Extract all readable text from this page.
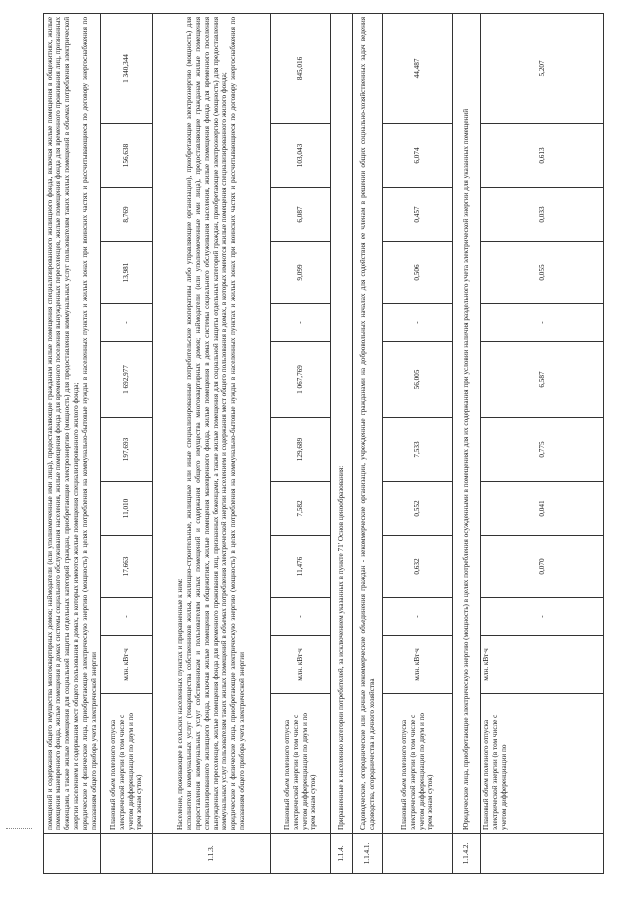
	помещений и содержания общего имущества многоквартирных домов; наймодатели (или уполномоченные ими лица), предоставляющие гражданам жилые помещения специализированного жилищного фонда, включая жилые помещения в общежитиях, жилые помещения маневренного фонда, жилые помещения в домах системы социального обслуживания населения, жилые помещения фонда для временного поселения вынужденных переселенцев, жилые помещения фонда для временного проживания лиц, признанных беженцами, а также жилые помещения для социальной защиты отдельных категорий граждан, приобретающие электроэнергию (мощность) для предоставления коммунальных услуг пользователям таких жилых помещений в объемах потребления электрической энергии населением и содержания мест общего пользования в домах, в которых имеются жилые помещения специализированного жилого фонда; юридические и физические лица, приобретающие электрическую энергию (мощность) в целях потребления на коммунально-бытовые нужды в населенных пунктах и жилых зонах при воинских частях и рассчитывающиеся по договору энергоснабжения по показаниям общего прибора учета электрической энергии											

	Плановый объем полезного отпуска электрической энергии (в том числе с учетом дифференциации по двум и по трем зонам суток)	млн. кВт∙ч	-	17,663	11,010	197,693	1 692,977	-	13,981	8,769	156,638	1 340,344
1.1.3.	Население, проживающее в сельских населенных пунктах и приравненные к ним: исполнители коммунальных услуг (товарищества собственников жилья, жилищно-строительные, жилищные или иные специализированные потребительские кооперативы либо управляющие организации), приобретающие электроэнергию (мощность) для предоставления коммунальных услуг собственникам и пользователям жилых помещений и содержания общего имущества многоквартирных домов; наймодатели (или уполномоченные ими лица), предоставляющие гражданам жилые помещения специализированного жилищного фонда, включая жилые помещения в общежитиях, жилые помещения маневренного фонда, жилые помещения в домах системы социального обслуживания населения, жилые помещения фонда для временного поселения вынужденных переселенцев, жилые помещения фонда для временного проживания лиц, признанных беженцами, а также жилые помещения для социальной защиты отдельных категорий граждан, приобретающие электроэнергию (мощность) для предоставления коммунальных услуг пользователям таких жилых помещений в объемах потребления электрической энергии населением и содержания мест общего пользования в домах, в которых имеются жилые помещения специализированного жилого фонда; юридические и физические лица, приобретающие электрическую энергию (мощность) в целях потребления на коммунально-бытовые нужды в населенных пунктах и жилых зонах при воинских частях и рассчитывающиеся по договору энергоснабжения по показаниям общего прибора учета электрической энергии											

	Плановый объем полезного отпуска электрической энергии (в том числе с учетом дифференциации по двум и по трем зонам суток)	млн. кВт∙ч	-	11,476	7,582	129,689	1 067,769	-	9,099	6,087	103,043	845,016
1.1.4.	Приравненные к населению категории потребителей, за исключением указанных в пункте 71' Основ ценообразования:											
1.1.4.1.	Садоводческие, огороднические или дачные некоммерческие объединения граждан - некоммерческие организации, учрежденные гражданами на добровольных началах для содействия ее членам в решении общих социально-хозяйственных задач ведения садоводства, огородничества и дачного хозяйства											
	Плановый объем полезного отпуска электрической энергии (в том числе с учетом дифференциации по двум и по трем зонам суток)	млн. кВт∙ч	-	0,632	0,552	7,533	56,005	-	0,506	0,457	6,074	44,487
1.1.4.2.	Юридические лица, приобретающие электрическую энергию (мощность) в целях потребления осужденными в помещениях для их содержания при условии наличия раздельного учета электрической энергии для указанных помещений											
	Плановый объем полезного отпуска электрической энергии (в том числе с учетом дифференциации по	млн. кВт∙ч	-	0,070	0,041	0,775	6,587	-	0,055	0,033	0,613	5,207
